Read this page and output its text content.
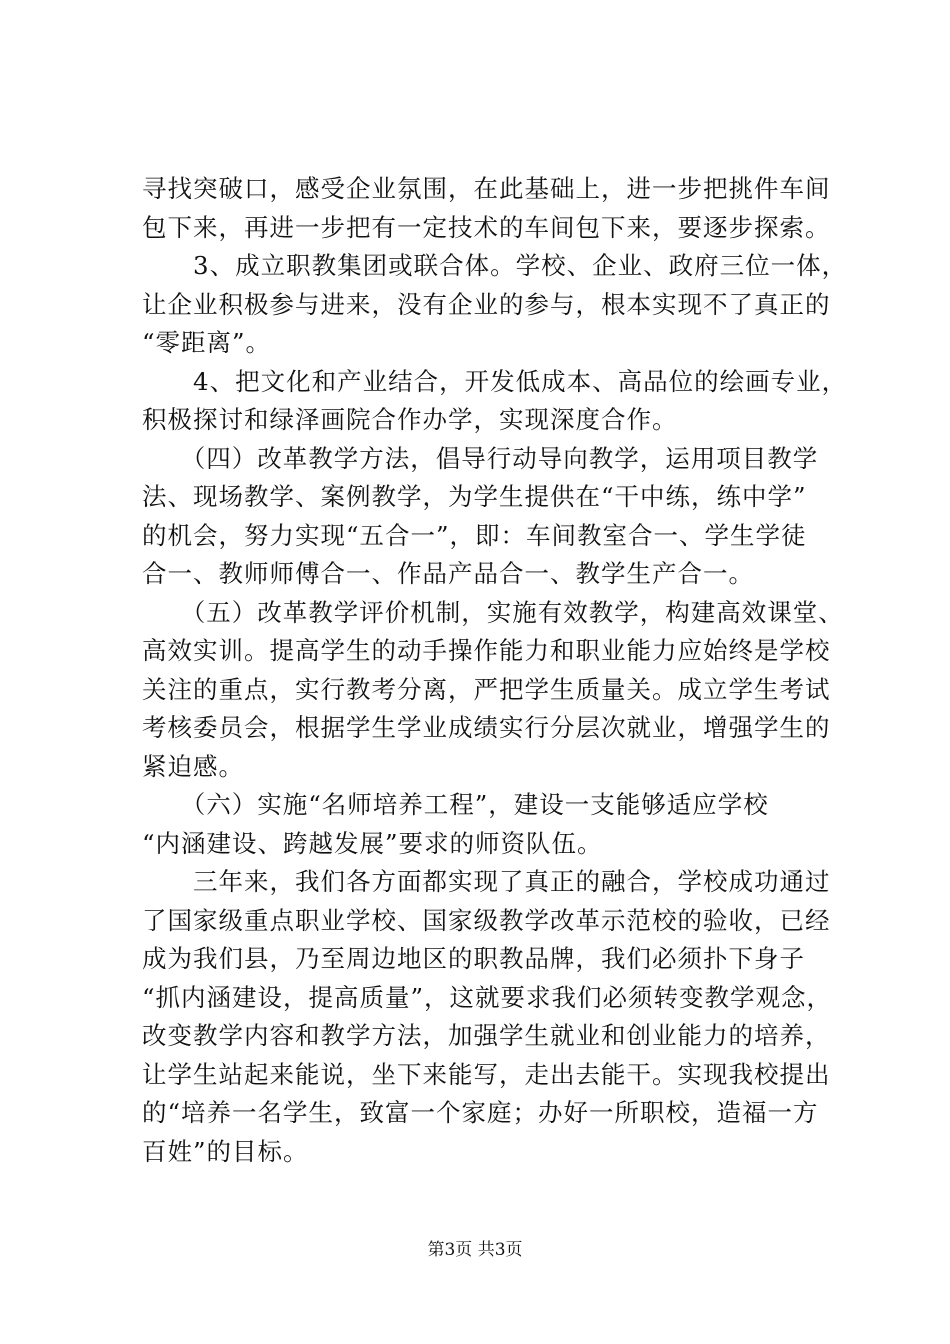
寻找突破口，感受企业氛围，在此基础上，进一步把挑件车间
包下来，再进一步把有一定技术的车间包下来，要逐步探索。
　　3、成立职教集团或联合体。学校、企业、政府三位一体，
让企业积极参与进来，没有企业的参与，根本实现不了真正的
“零距离”。
　　4、把文化和产业结合，开发低成本、高品位的绘画专业，
积极探讨和绿泽画院合作办学，实现深度合作。
　　（四）改革教学方法，倡导行动导向教学，运用项目教学
法、现场教学、案例教学，为学生提供在“干中练，练中学”
的机会，努力实现“五合一”，即：车间教室合一、学生学徒
合一、教师师傅合一、作品产品合一、教学生产合一。
　　（五）改革教学评价机制，实施有效教学，构建高效课堂、
高效实训。提高学生的动手操作能力和职业能力应始终是学校
关注的重点，实行教考分离，严把学生质量关。成立学生考试
考核委员会，根据学生学业成绩实行分层次就业，增强学生的
紧迫感。
　　（六）实施“名师培养工程”，建设一支能够适应学校
“内涵建设、跨越发展”要求的师资队伍。
　　三年来，我们各方面都实现了真正的融合，学校成功通过
了国家级重点职业学校、国家级教学改革示范校的验收，已经
成为我们县，乃至周边地区的职教品牌，我们必须扑下身子
“抓内涵建设，提高质量”，这就要求我们必须转变教学观念，
改变教学内容和教学方法，加强学生就业和创业能力的培养，
让学生站起来能说，坐下来能写，走出去能干。实现我校提出
的“培养一名学生，致富一个家庭；办好一所职校，造福一方
百姓”的目标。
第3页 共3页
